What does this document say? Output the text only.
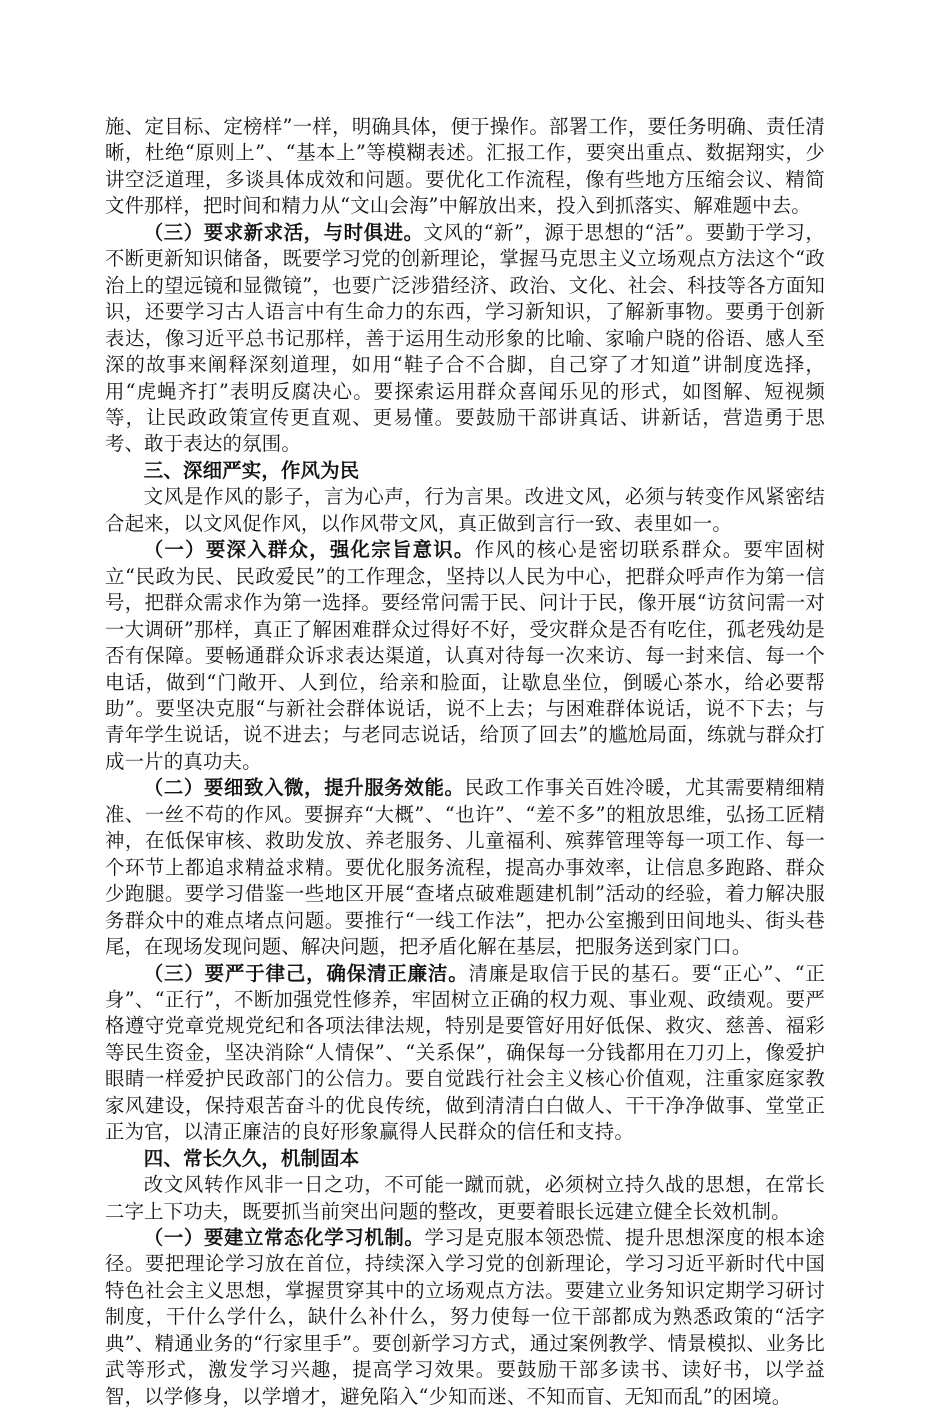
施、定目标、定榜样”一样，明确具体，便于操作。部署工作，要任务明确、责任清晰，杜绝“原则上”、“基本上”等模糊表述。汇报工作，要突出重点、数据翔实，少讲空泛道理，多谈具体成效和问题。要优化工作流程，像有些地方压缩会议、精简文件那样，把时间和精力从“文山会海”中解放出来，投入到抓落实、解难题中去。

（三）要求新求活，与时俱进。文风的“新”，源于思想的“活”。要勤于学习，不断更新知识储备，既要学习党的创新理论，掌握马克思主义立场观点方法这个“政治上的望远镜和显微镜”，也要广泛涉猎经济、政治、文化、社会、科技等各方面知识，还要学习古人语言中有生命力的东西，学习新知识，了解新事物。要勇于创新表达，像习近平总书记那样，善于运用生动形象的比喻、家喻户晓的俗语、感人至深的故事来阐释深刻道理，如用“鞋子合不合脚，自己穿了才知道”讲制度选择，用“虎蝇齐打”表明反腐决心。要探索运用群众喜闻乐见的形式，如图解、短视频等，让民政政策宣传更直观、更易懂。要鼓励干部讲真话、讲新话，营造勇于思考、敢于表达的氛围。

三、深细严实，作风为民

文风是作风的影子，言为心声，行为言果。改进文风，必须与转变作风紧密结合起来，以文风促作风，以作风带文风，真正做到言行一致、表里如一。

（一）要深入群众，强化宗旨意识。作风的核心是密切联系群众。要牢固树立“民政为民、民政爱民”的工作理念，坚持以人民为中心，把群众呼声作为第一信号，把群众需求作为第一选择。要经常问需于民、问计于民，像开展“访贫问需一对一大调研”那样，真正了解困难群众过得好不好，受灾群众是否有吃住，孤老残幼是否有保障。要畅通群众诉求表达渠道，认真对待每一次来访、每一封来信、每一个电话，做到“门敞开、人到位，给亲和脸面，让歇息坐位，倒暖心茶水，给必要帮助”。要坚决克服“与新社会群体说话，说不上去；与困难群体说话，说不下去；与青年学生说话，说不进去；与老同志说话，给顶了回去”的尴尬局面，练就与群众打成一片的真功夫。

（二）要细致入微，提升服务效能。民政工作事关百姓冷暖，尤其需要精细精准、一丝不苟的作风。要摒弃“大概”、“也许”、“差不多”的粗放思维，弘扬工匠精神，在低保审核、救助发放、养老服务、儿童福利、殡葬管理等每一项工作、每一个环节上都追求精益求精。要优化服务流程，提高办事效率，让信息多跑路、群众少跑腿。要学习借鉴一些地区开展“查堵点破难题建机制”活动的经验，着力解决服务群众中的难点堵点问题。要推行“一线工作法”，把办公室搬到田间地头、街头巷尾，在现场发现问题、解决问题，把矛盾化解在基层，把服务送到家门口。

（三）要严于律己，确保清正廉洁。清廉是取信于民的基石。要“正心”、“正身”、“正行”，不断加强党性修养，牢固树立正确的权力观、事业观、政绩观。要严格遵守党章党规党纪和各项法律法规，特别是要管好用好低保、救灾、慈善、福彩等民生资金，坚决消除“人情保”、“关系保”，确保每一分钱都用在刀刃上，像爱护眼睛一样爱护民政部门的公信力。要自觉践行社会主义核心价值观，注重家庭家教家风建设，保持艰苦奋斗的优良传统，做到清清白白做人、干干净净做事、堂堂正正为官，以清正廉洁的良好形象赢得人民群众的信任和支持。

四、常长久久，机制固本

改文风转作风非一日之功，不可能一蹴而就，必须树立持久战的思想，在常长二字上下功夫，既要抓当前突出问题的整改，更要着眼长远建立健全长效机制。

（一）要建立常态化学习机制。学习是克服本领恐慌、提升思想深度的根本途径。要把理论学习放在首位，持续深入学习党的创新理论，学习习近平新时代中国特色社会主义思想，掌握贯穿其中的立场观点方法。要建立业务知识定期学习研讨制度，干什么学什么，缺什么补什么，努力使每一位干部都成为熟悉政策的“活字典”、精通业务的“行家里手”。要创新学习方式，通过案例教学、情景模拟、业务比武等形式，激发学习兴趣，提高学习效果。要鼓励干部多读书、读好书，以学益智，以学修身，以学增才，避免陷入“少知而迷、不知而盲、无知而乱”的困境。
